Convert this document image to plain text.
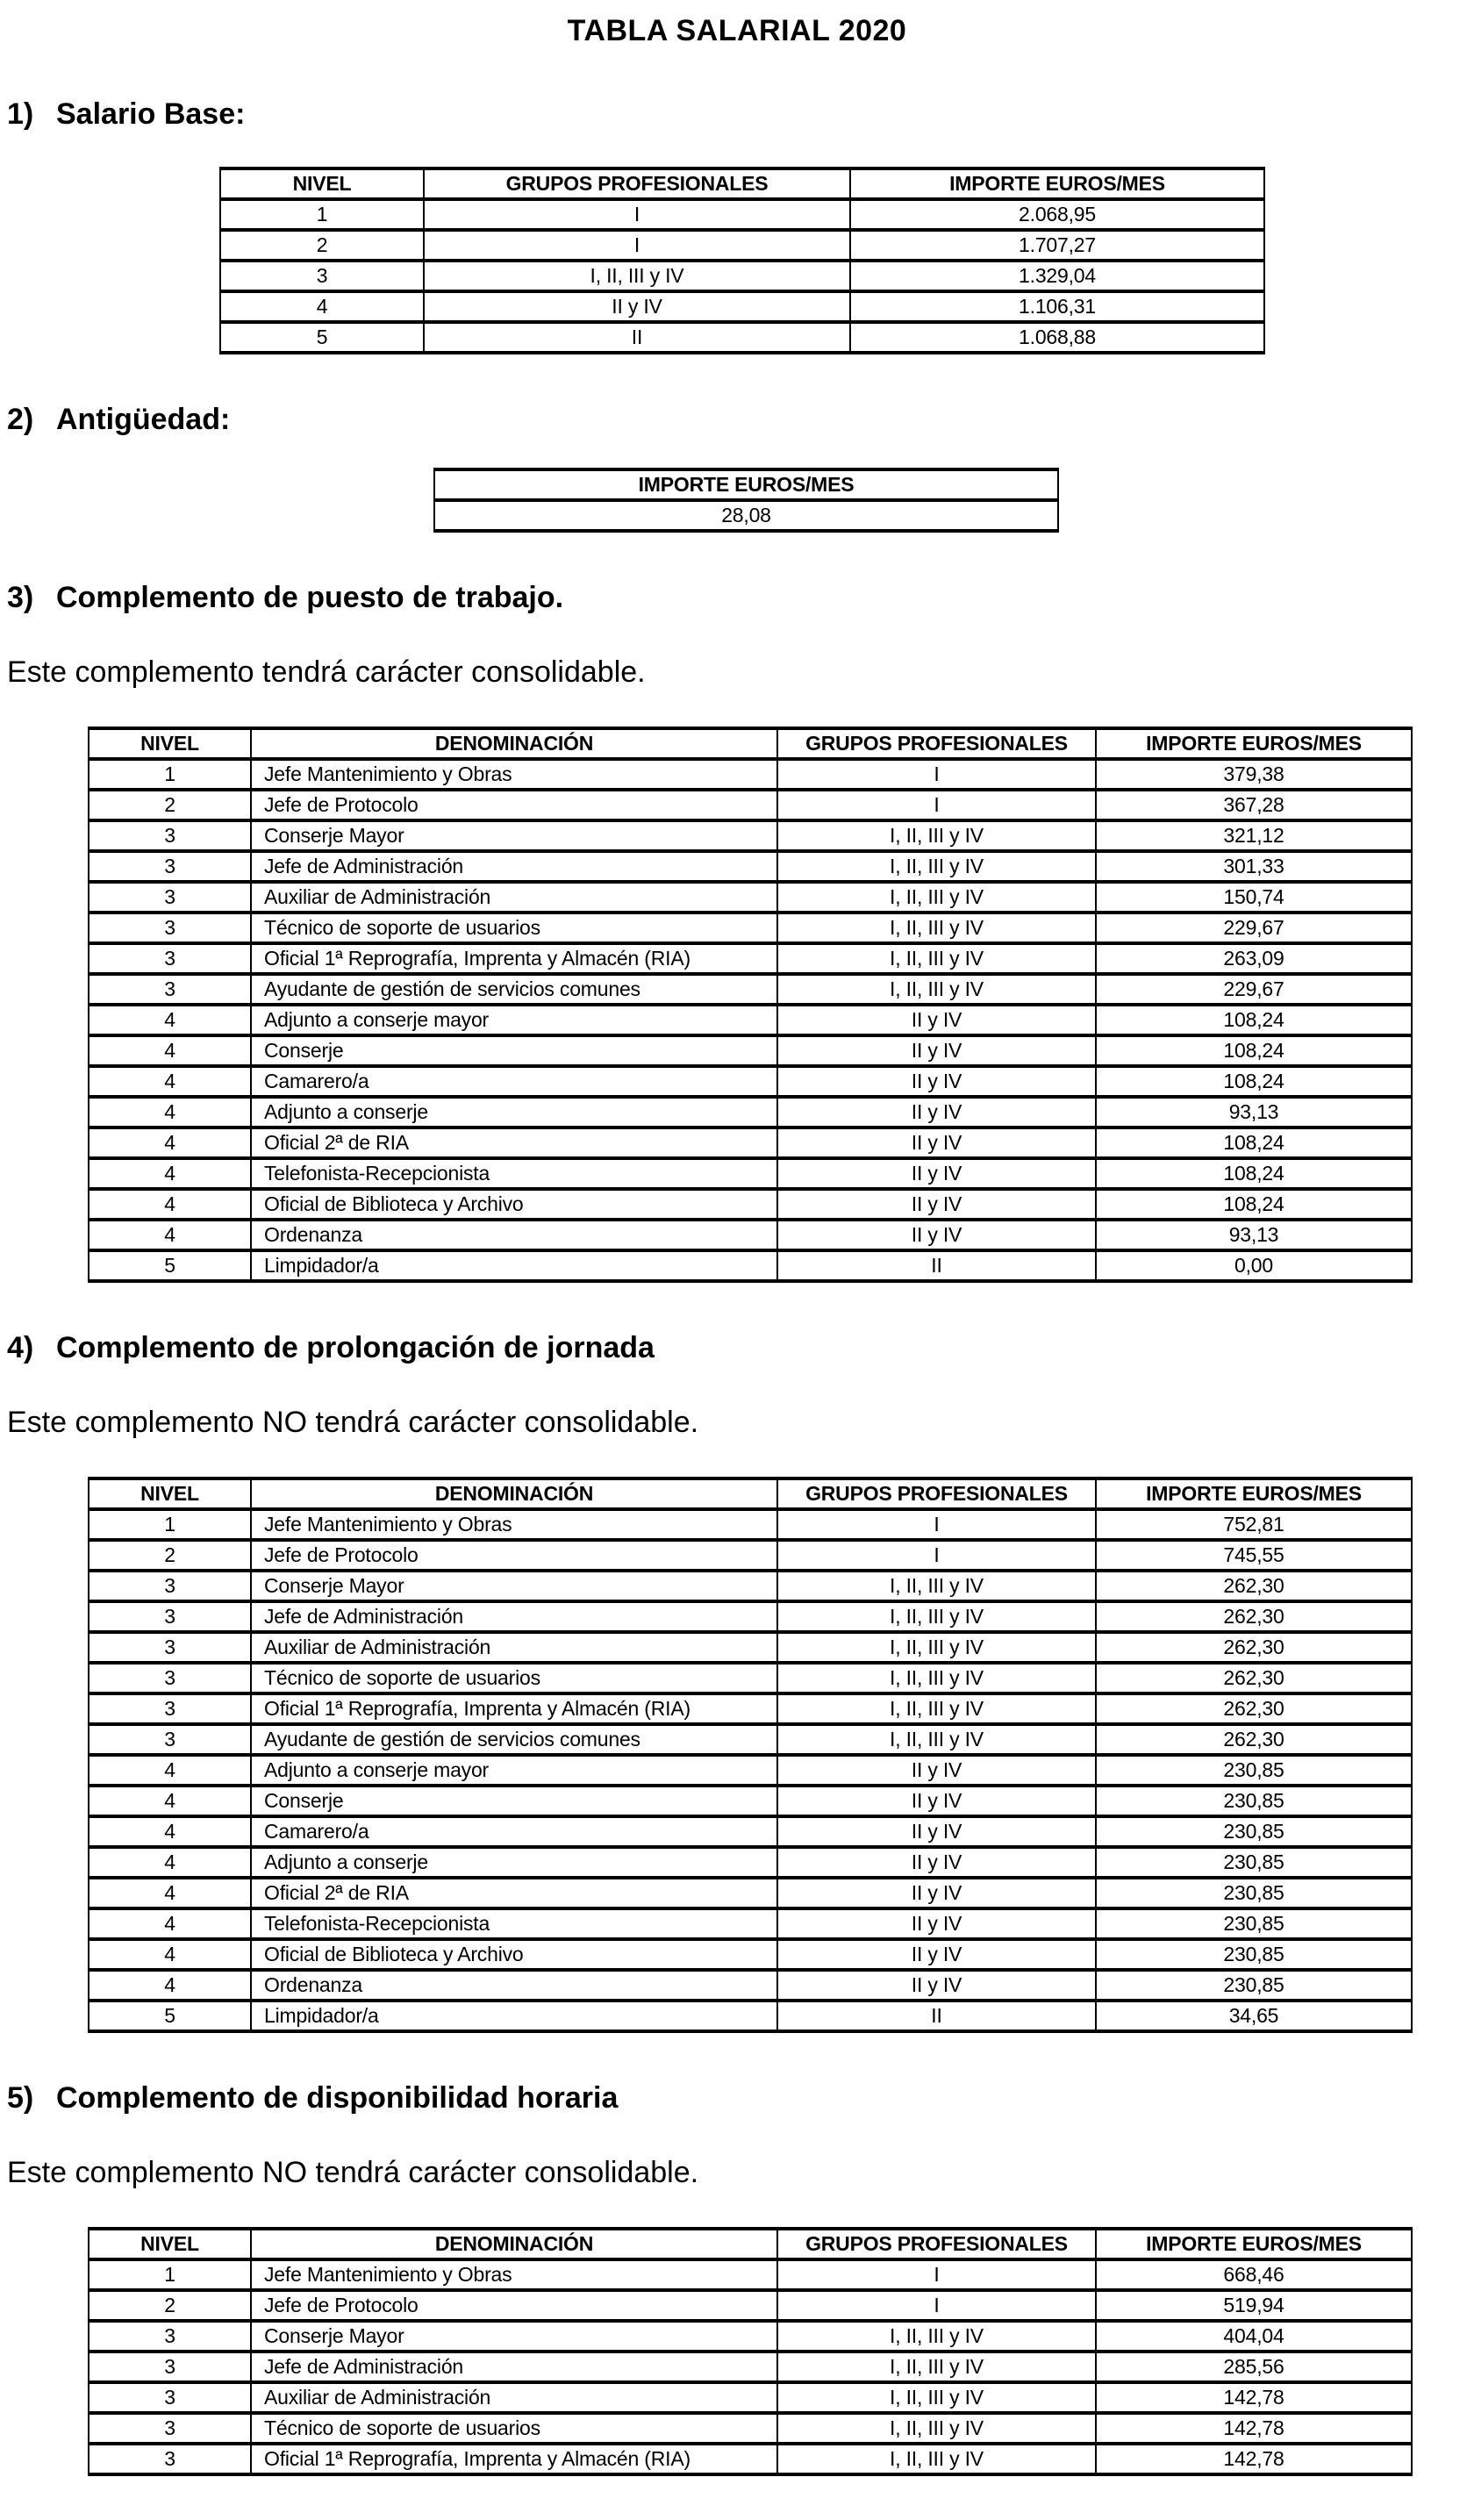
TABLA SALARIAL 2020
1) Salario Base:
NIVEL	GRUPOS PROFESIONALES	IMPORTE EUROS/MES
1	I	2.068,95
2	I	1.707,27
3	I, II, III y IV	1.329,04
4	II y IV	1.106,31
5	II	1.068,88
2) Antigüedad:
IMPORTE EUROS/MES
28,08
3) Complemento de puesto de trabajo.
Este complemento tendrá carácter consolidable.
NIVEL	DENOMINACIÓN	GRUPOS PROFESIONALES	IMPORTE EUROS/MES
1	Jefe Mantenimiento y Obras	I	379,38
2	Jefe de Protocolo	I	367,28
3	Conserje Mayor	I, II, III y IV	321,12
3	Jefe de Administración	I, II, III y IV	301,33
3	Auxiliar de Administración	I, II, III y IV	150,74
3	Técnico de soporte de usuarios	I, II, III y IV	229,67
3	Oficial 1ª Reprografía, Imprenta y Almacén (RIA)	I, II, III y IV	263,09
3	Ayudante de gestión de servicios comunes	I, II, III y IV	229,67
4	Adjunto a conserje mayor	II y IV	108,24
4	Conserje	II y IV	108,24
4	Camarero/a	II y IV	108,24
4	Adjunto a conserje	II y IV	93,13
4	Oficial 2ª de RIA	II y IV	108,24
4	Telefonista-Recepcionista	II y IV	108,24
4	Oficial de Biblioteca y Archivo	II y IV	108,24
4	Ordenanza	II y IV	93,13
5	Limpidador/a	II	0,00
4) Complemento de prolongación de jornada
Este complemento NO tendrá carácter consolidable.
NIVEL	DENOMINACIÓN	GRUPOS PROFESIONALES	IMPORTE EUROS/MES
1	Jefe Mantenimiento y Obras	I	752,81
2	Jefe de Protocolo	I	745,55
3	Conserje Mayor	I, II, III y IV	262,30
3	Jefe de Administración	I, II, III y IV	262,30
3	Auxiliar de Administración	I, II, III y IV	262,30
3	Técnico de soporte de usuarios	I, II, III y IV	262,30
3	Oficial 1ª Reprografía, Imprenta y Almacén (RIA)	I, II, III y IV	262,30
3	Ayudante de gestión de servicios comunes	I, II, III y IV	262,30
4	Adjunto a conserje mayor	II y IV	230,85
4	Conserje	II y IV	230,85
4	Camarero/a	II y IV	230,85
4	Adjunto a conserje	II y IV	230,85
4	Oficial 2ª de RIA	II y IV	230,85
4	Telefonista-Recepcionista	II y IV	230,85
4	Oficial de Biblioteca y Archivo	II y IV	230,85
4	Ordenanza	II y IV	230,85
5	Limpidador/a	II	34,65
5) Complemento de disponibilidad horaria
Este complemento NO tendrá carácter consolidable.
NIVEL	DENOMINACIÓN	GRUPOS PROFESIONALES	IMPORTE EUROS/MES
1	Jefe Mantenimiento y Obras	I	668,46
2	Jefe de Protocolo	I	519,94
3	Conserje Mayor	I, II, III y IV	404,04
3	Jefe de Administración	I, II, III y IV	285,56
3	Auxiliar de Administración	I, II, III y IV	142,78
3	Técnico de soporte de usuarios	I, II, III y IV	142,78
3	Oficial 1ª Reprografía, Imprenta y Almacén (RIA)	I, II, III y IV	142,78
